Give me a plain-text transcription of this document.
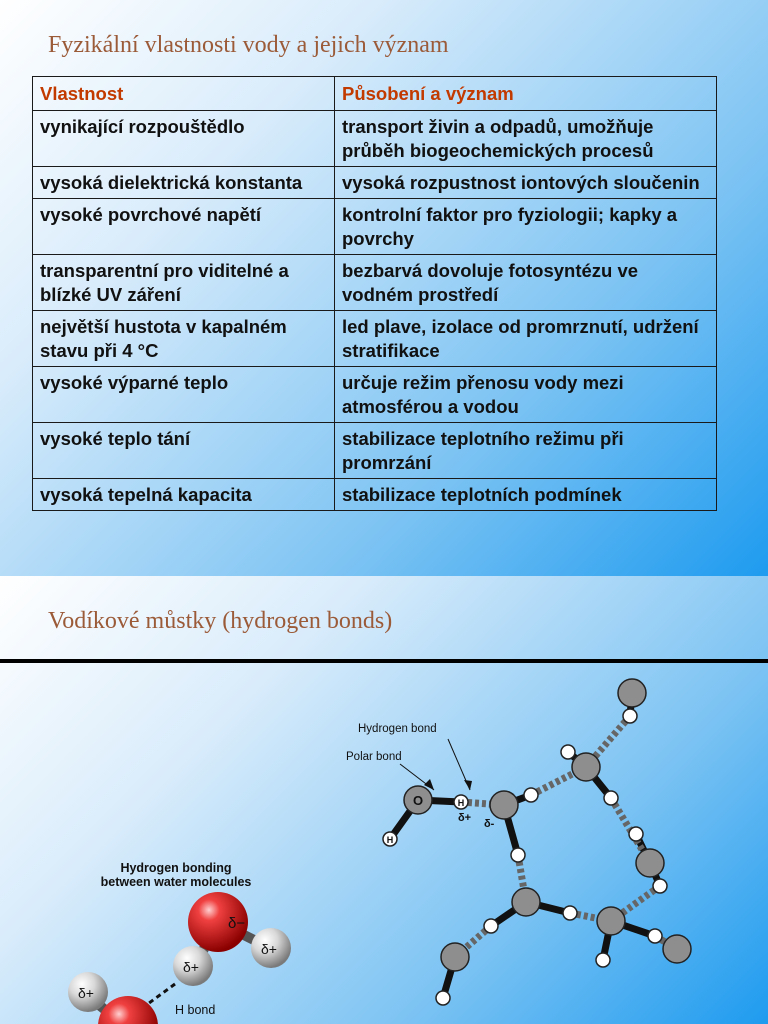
Fyzikální vlastnosti vody a jejich význam
Vlastnost	Působení a význam
vynikající rozpouštědlo	transport živin a odpadů, umožňuje průběh biogeochemických procesů
vysoká dielektrická konstanta	vysoká rozpustnost iontových sloučenin
vysoké povrchové napětí	kontrolní faktor pro fyziologii; kapky a povrchy
transparentní pro viditelné a blízké UV záření	bezbarvá dovoluje fotosyntézu ve vodném prostředí
největší hustota v kapalném stavu při 4 °C	led plave, izolace od promrznutí, udržení stratifikace
vysoké výparné teplo	určuje režim přenosu vody mezi atmosférou a vodou
vysoké teplo tání	stabilizace teplotního režimu při promrzání
vysoká tepelná kapacita	stabilizace teplotních podmínek
Vodíkové můstky (hydrogen bonds)
Hydrogen bonding
between water molecules
δ−
δ+
δ+
H bond
δ+
Hydrogen bond
Polar bond
O	H
H
δ+ δ-
